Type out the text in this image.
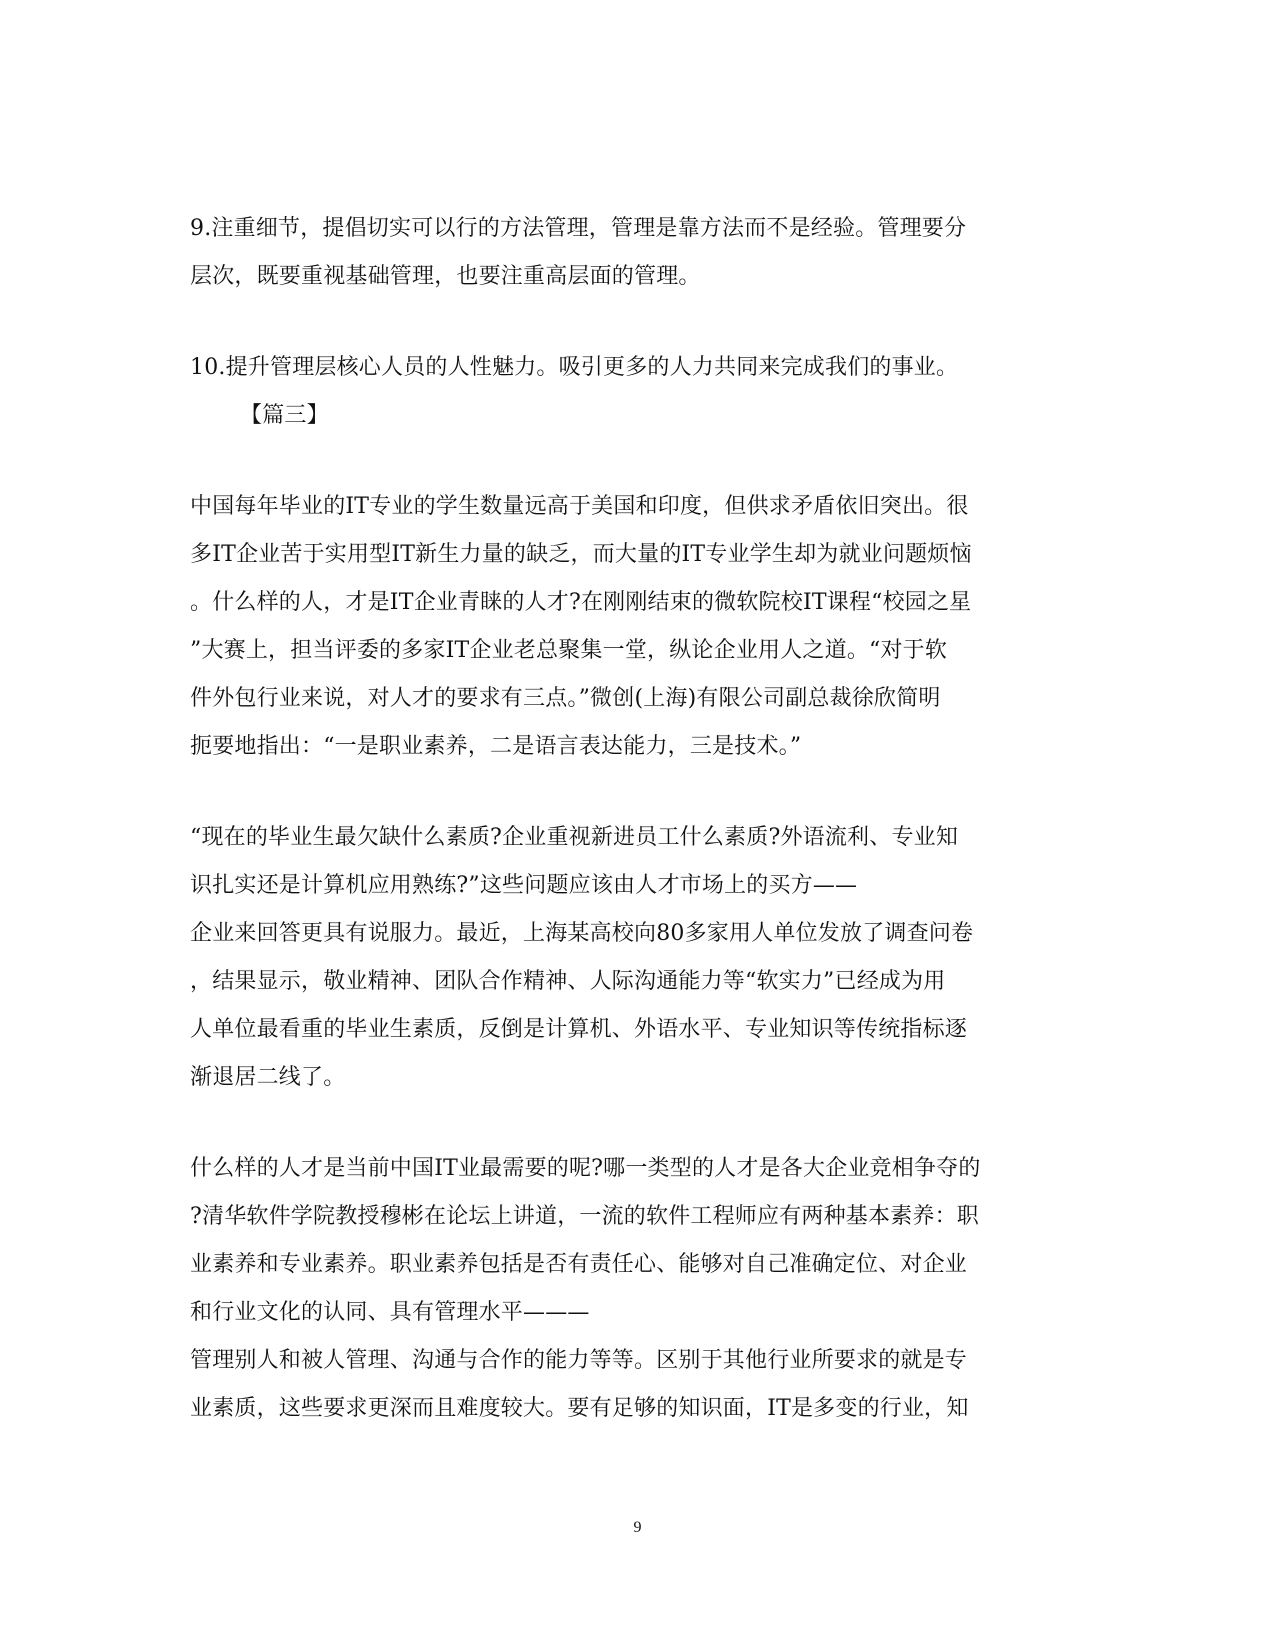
9.注重细节，提倡切实可以行的方法管理，管理是靠方法而不是经验。管理要分
层次，既要重视基础管理，也要注重高层面的管理。
10.提升管理层核心人员的人性魅力。吸引更多的人力共同来完成我们的事业。
【篇三】
中国每年毕业的IT专业的学生数量远高于美国和印度，但供求矛盾依旧突出。很
多IT企业苦于实用型IT新生力量的缺乏，而大量的IT专业学生却为就业问题烦恼
。什么样的人，才是IT企业青睐的人才?在刚刚结束的微软院校IT课程“校园之星
”大赛上，担当评委的多家IT企业老总聚集一堂，纵论企业用人之道。“对于软
件外包行业来说，对人才的要求有三点。”微创(上海)有限公司副总裁徐欣简明
扼要地指出：“一是职业素养，二是语言表达能力，三是技术。”
“现在的毕业生最欠缺什么素质?企业重视新进员工什么素质?外语流利、专业知
识扎实还是计算机应用熟练?”这些问题应该由人才市场上的买方——
企业来回答更具有说服力。最近，上海某高校向80多家用人单位发放了调查问卷
，结果显示，敬业精神、团队合作精神、人际沟通能力等“软实力”已经成为用
人单位最看重的毕业生素质，反倒是计算机、外语水平、专业知识等传统指标逐
渐退居二线了。
什么样的人才是当前中国IT业最需要的呢?哪一类型的人才是各大企业竞相争夺的
?清华软件学院教授穆彬在论坛上讲道，一流的软件工程师应有两种基本素养：职
业素养和专业素养。职业素养包括是否有责任心、能够对自己准确定位、对企业
和行业文化的认同、具有管理水平———
管理别人和被人管理、沟通与合作的能力等等。区别于其他行业所要求的就是专
业素质，这些要求更深而且难度较大。要有足够的知识面，IT是多变的行业，知
9
